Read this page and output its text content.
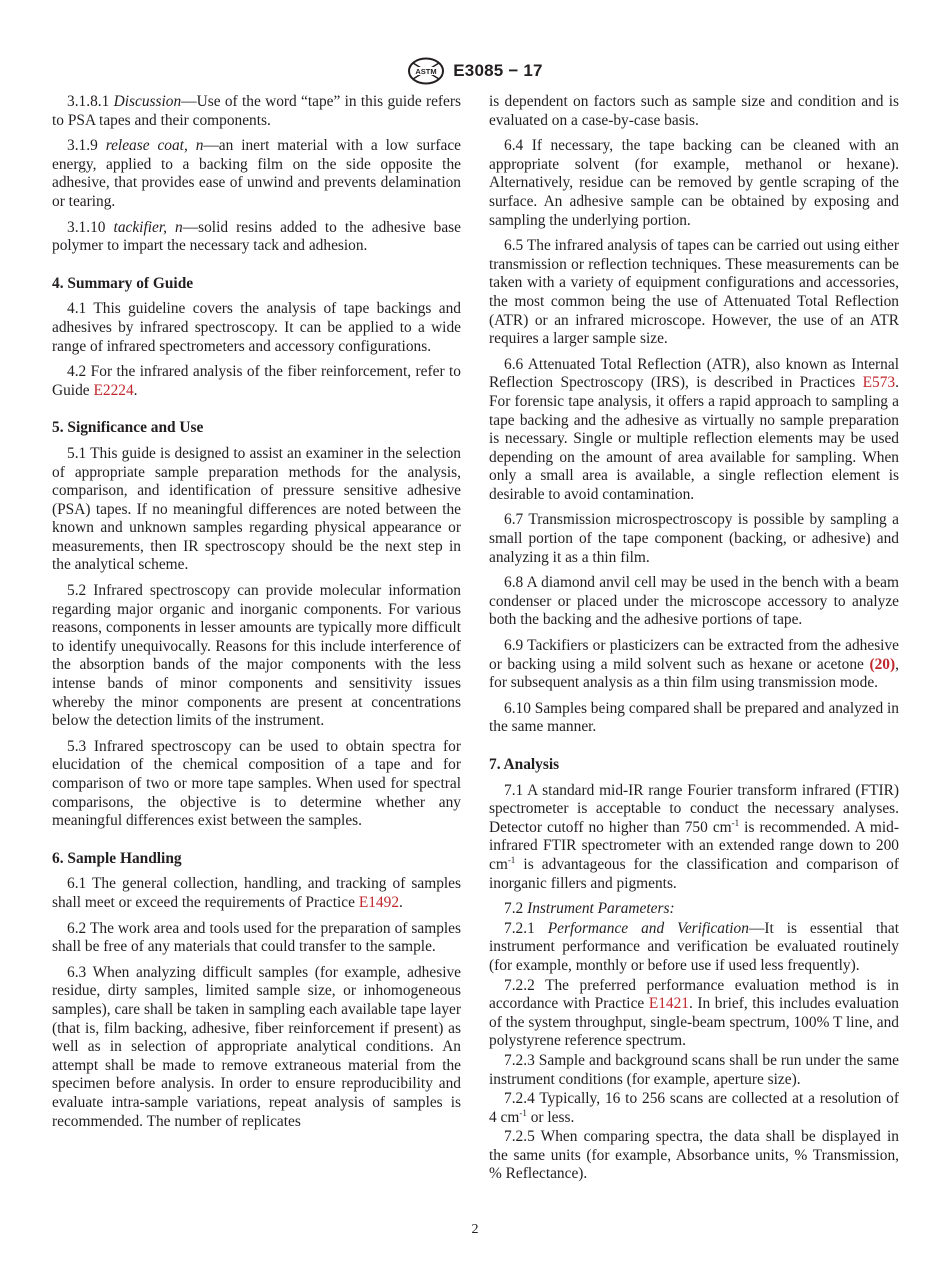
ASTM E3085 − 17

3.1.8.1 Discussion—Use of the word “tape” in this guide refers to PSA tapes and their components.

3.1.9 release coat, n—an inert material with a low surface energy, applied to a backing film on the side opposite the adhesive, that provides ease of unwind and prevents delamination or tearing.

3.1.10 tackifier, n—solid resins added to the adhesive base polymer to impart the necessary tack and adhesion.

4. Summary of Guide

4.1 This guideline covers the analysis of tape backings and adhesives by infrared spectroscopy. It can be applied to a wide range of infrared spectrometers and accessory configurations.

4.2 For the infrared analysis of the fiber reinforcement, refer to Guide E2224.

5. Significance and Use

5.1 This guide is designed to assist an examiner in the selection of appropriate sample preparation methods for the analysis, comparison, and identification of pressure sensitive adhesive (PSA) tapes. If no meaningful differences are noted between the known and unknown samples regarding physical appearance or measurements, then IR spectroscopy should be the next step in the analytical scheme.

5.2 Infrared spectroscopy can provide molecular information regarding major organic and inorganic components. For various reasons, components in lesser amounts are typically more difficult to identify unequivocally. Reasons for this include interference of the absorption bands of the major components with the less intense bands of minor components and sensitivity issues whereby the minor components are present at concentrations below the detection limits of the instrument.

5.3 Infrared spectroscopy can be used to obtain spectra for elucidation of the chemical composition of a tape and for comparison of two or more tape samples. When used for spectral comparisons, the objective is to determine whether any meaningful differences exist between the samples.

6. Sample Handling

6.1 The general collection, handling, and tracking of samples shall meet or exceed the requirements of Practice E1492.

6.2 The work area and tools used for the preparation of samples shall be free of any materials that could transfer to the sample.

6.3 When analyzing difficult samples (for example, adhesive residue, dirty samples, limited sample size, or inhomogeneous samples), care shall be taken in sampling each available tape layer (that is, film backing, adhesive, fiber reinforcement if present) as well as in selection of appropriate analytical conditions. An attempt shall be made to remove extraneous material from the specimen before analysis. In order to ensure reproducibility and evaluate intra-sample variations, repeat analysis of samples is recommended. The number of replicates

is dependent on factors such as sample size and condition and is evaluated on a case-by-case basis.

6.4 If necessary, the tape backing can be cleaned with an appropriate solvent (for example, methanol or hexane). Alternatively, residue can be removed by gentle scraping of the surface. An adhesive sample can be obtained by exposing and sampling the underlying portion.

6.5 The infrared analysis of tapes can be carried out using either transmission or reflection techniques. These measurements can be taken with a variety of equipment configurations and accessories, the most common being the use of Attenuated Total Reflection (ATR) or an infrared microscope. However, the use of an ATR requires a larger sample size.

6.6 Attenuated Total Reflection (ATR), also known as Internal Reflection Spectroscopy (IRS), is described in Practices E573. For forensic tape analysis, it offers a rapid approach to sampling a tape backing and the adhesive as virtually no sample preparation is necessary. Single or multiple reflection elements may be used depending on the amount of area available for sampling. When only a small area is available, a single reflection element is desirable to avoid contamination.

6.7 Transmission microspectroscopy is possible by sampling a small portion of the tape component (backing, or adhesive) and analyzing it as a thin film.

6.8 A diamond anvil cell may be used in the bench with a beam condenser or placed under the microscope accessory to analyze both the backing and the adhesive portions of tape.

6.9 Tackifiers or plasticizers can be extracted from the adhesive or backing using a mild solvent such as hexane or acetone (20), for subsequent analysis as a thin film using transmission mode.

6.10 Samples being compared shall be prepared and analyzed in the same manner.

7. Analysis

7.1 A standard mid-IR range Fourier transform infrared (FTIR) spectrometer is acceptable to conduct the necessary analyses. Detector cutoff no higher than 750 $cm^{-1}$ is recommended. A mid-infrared FTIR spectrometer with an extended range down to 200 $cm^{-1}$ is advantageous for the classification and comparison of inorganic fillers and pigments.

7.2 Instrument Parameters:

7.2.1 Performance and Verification—It is essential that instrument performance and verification be evaluated routinely (for example, monthly or before use if used less frequently).

7.2.2 The preferred performance evaluation method is in accordance with Practice E1421. In brief, this includes evaluation of the system throughput, single-beam spectrum, 100% T line, and polystyrene reference spectrum.

7.2.3 Sample and background scans shall be run under the same instrument conditions (for example, aperture size).

7.2.4 Typically, 16 to 256 scans are collected at a resolution of 4 $cm^{-1}$ or less.

7.2.5 When comparing spectra, the data shall be displayed in the same units (for example, Absorbance units, % Transmission, % Reflectance).

2
